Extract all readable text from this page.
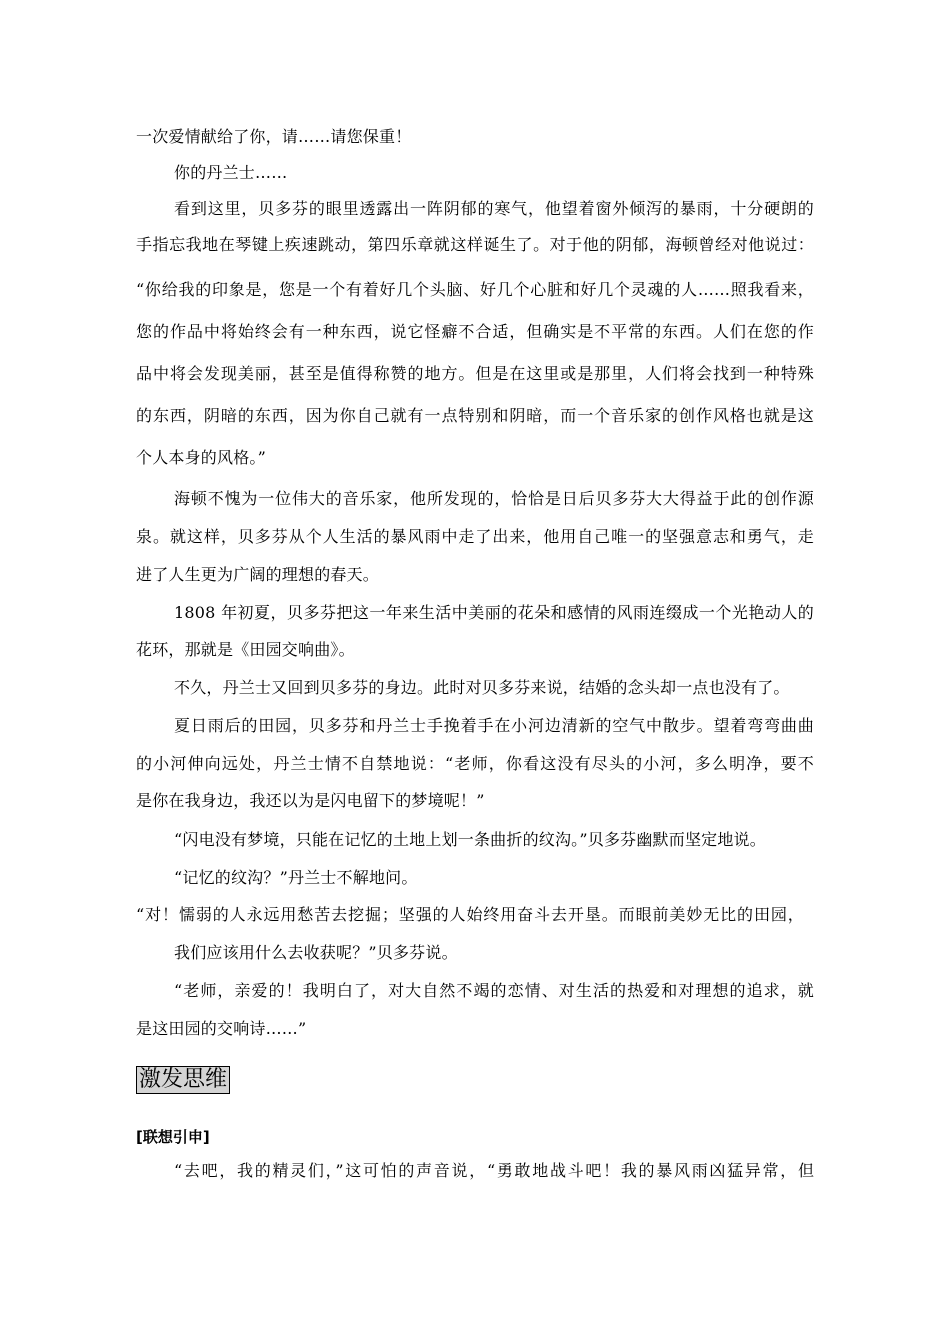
一次爱情献给了你，请……请您保重！
你的丹兰士……
看到这里，贝多芬的眼里透露出一阵阴郁的寒气，他望着窗外倾泻的暴雨，十分硬朗的
手指忘我地在琴键上疾速跳动，第四乐章就这样诞生了。对于他的阴郁，海顿曾经对他说过：
“你给我的印象是，您是一个有着好几个头脑、好几个心脏和好几个灵魂的人……照我看来，
您的作品中将始终会有一种东西，说它怪癖不合适，但确实是不平常的东西。人们在您的作
品中将会发现美丽，甚至是值得称赞的地方。但是在这里或是那里，人们将会找到一种特殊
的东西，阴暗的东西，因为你自己就有一点特别和阴暗，而一个音乐家的创作风格也就是这
个人本身的风格。”
海顿不愧为一位伟大的音乐家，他所发现的，恰恰是日后贝多芬大大得益于此的创作源
泉。就这样，贝多芬从个人生活的暴风雨中走了出来，他用自己唯一的坚强意志和勇气，走
进了人生更为广阔的理想的春天。
1808 年初夏，贝多芬把这一年来生活中美丽的花朵和感情的风雨连缀成一个光艳动人的
花环，那就是《田园交响曲》。
不久，丹兰士又回到贝多芬的身边。此时对贝多芬来说，结婚的念头却一点也没有了。
夏日雨后的田园，贝多芬和丹兰士手挽着手在小河边清新的空气中散步。望着弯弯曲曲
的小河伸向远处，丹兰士情不自禁地说：“老师，你看这没有尽头的小河，多么明净，要不
是你在我身边，我还以为是闪电留下的梦境呢！”
“闪电没有梦境，只能在记忆的土地上划一条曲折的纹沟。”贝多芬幽默而坚定地说。
“记忆的纹沟？”丹兰士不解地问。
“对！懦弱的人永远用愁苦去挖掘；坚强的人始终用奋斗去开垦。而眼前美妙无比的田园，
我们应该用什么去收获呢？”贝多芬说。
“老师，亲爱的！我明白了，对大自然不竭的恋情、对生活的热爱和对理想的追求，就
是这田园的交响诗……”
激发思维
[联想引申]
“去吧，我的精灵们，”这可怕的声音说，“勇敢地战斗吧！我的暴风雨凶猛异常，但
